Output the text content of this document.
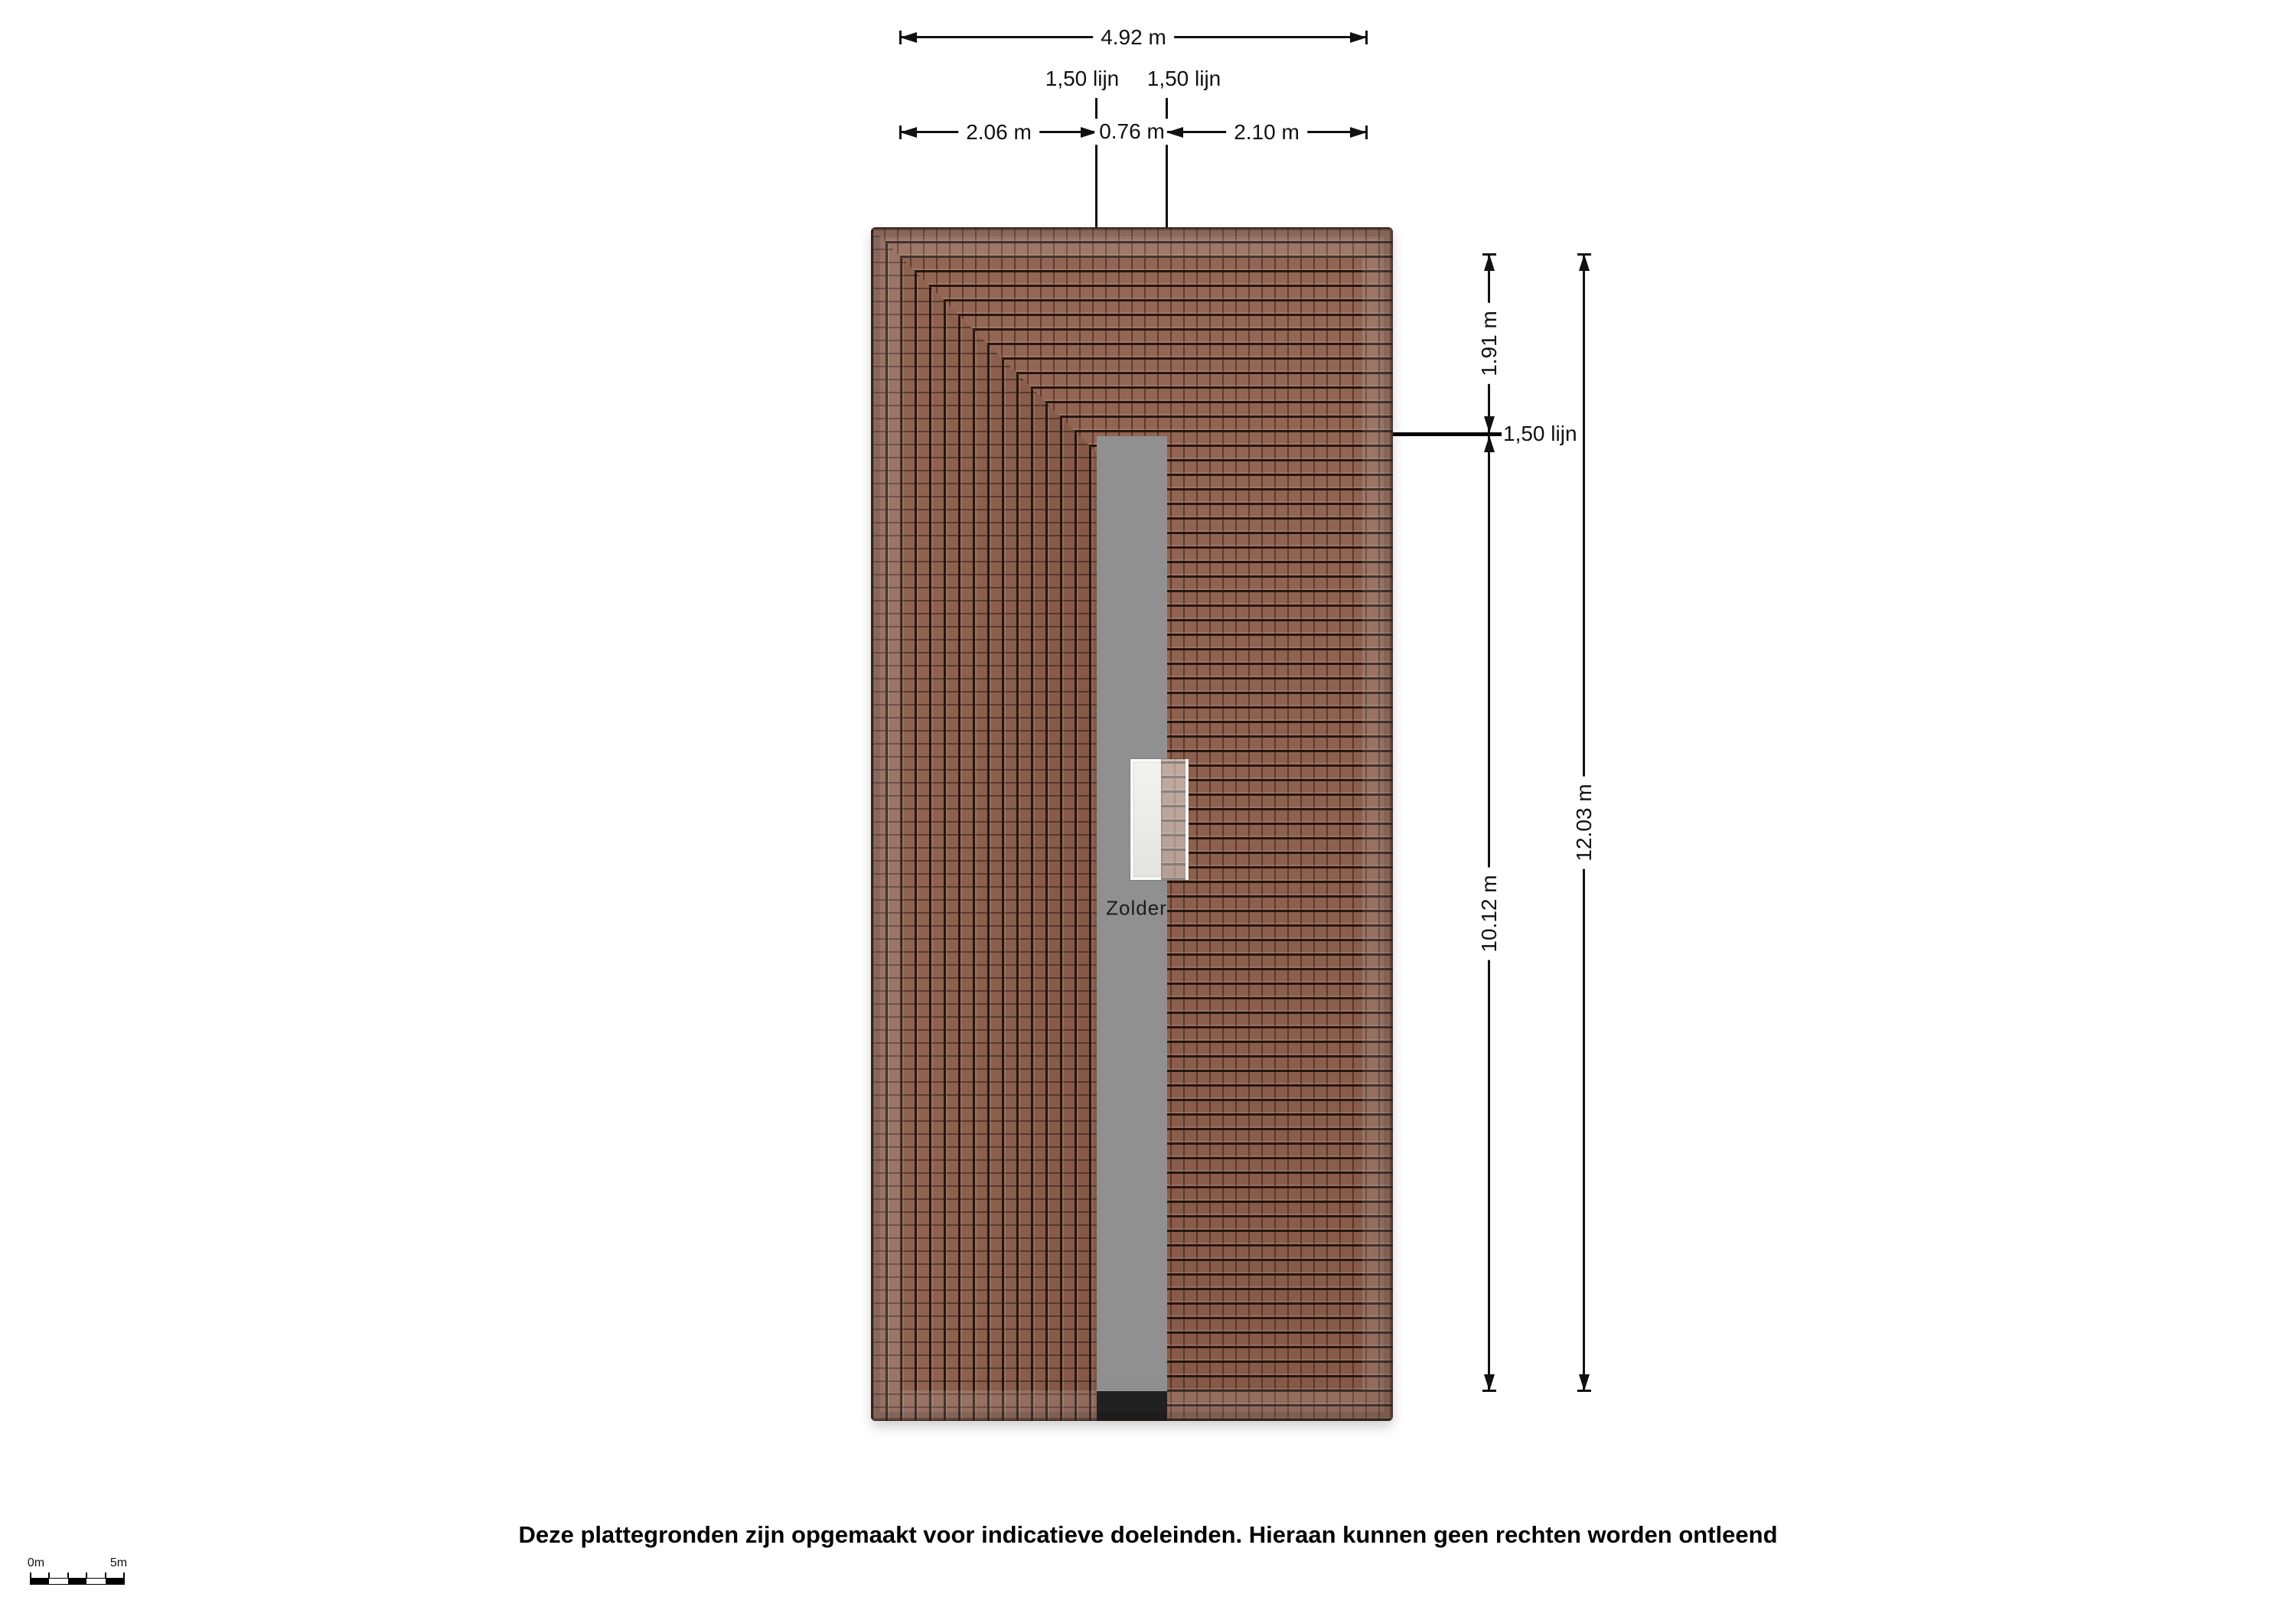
4.92 m
1,50 lijn 1,50 lijn
2.06 m	0.76 m	2.10 m
Zolder
1,50 lijn
1.91 m
10.12 m
12.03 m
Deze plattegronden zijn opgemaakt voor indicatieve doeleinden. Hieraan kunnen geen rechten worden ontleend
0m	5m
